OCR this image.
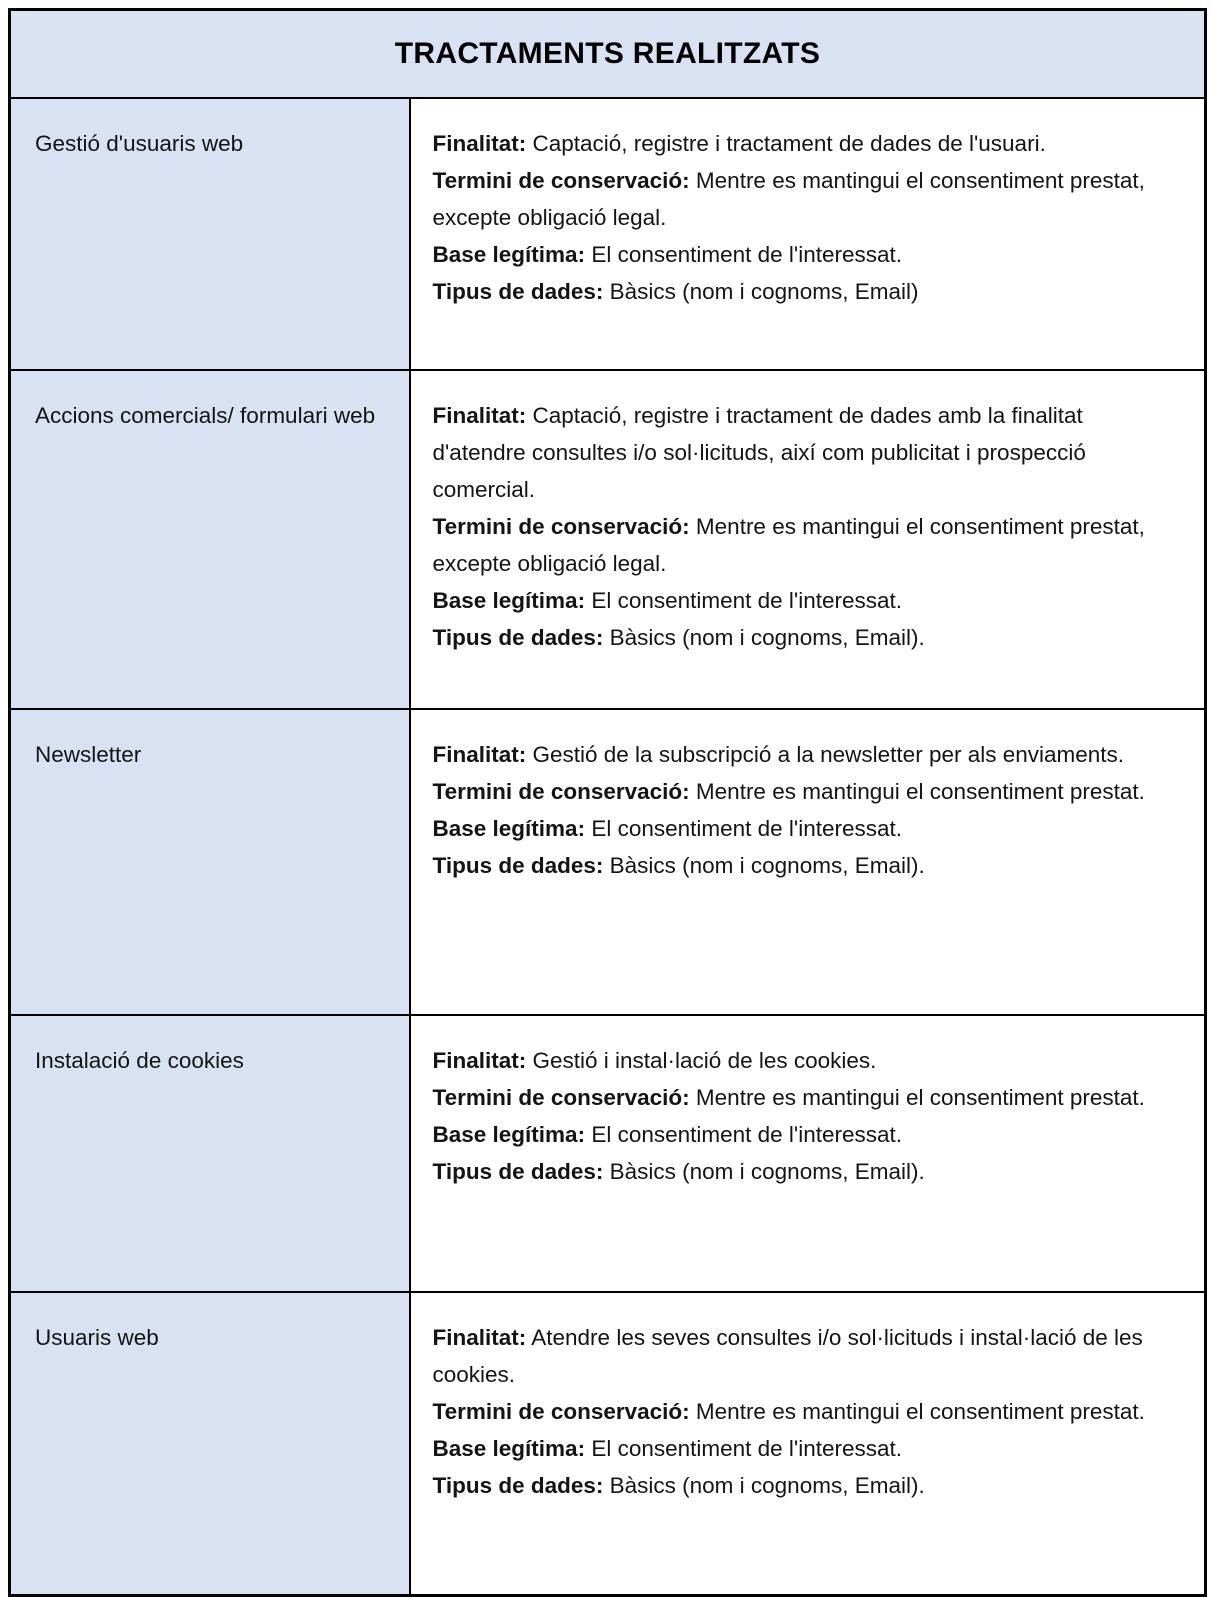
TRACTAMENTS REALITZATS	
Gestió d'usuaris web	Finalitat: Captació, registre i tractament de dades de l'usuari.

Termini de conservació: Mentre es mantingui el consentiment prestat, excepte obligació legal.

Base legítima: El consentiment de l'interessat.

Tipus de dades: Bàsics (nom i cognoms, Email)

Accions comercials/ formulari web	Finalitat: Captació, registre i tractament de dades amb la finalitat d'atendre consultes i/o sol·licituds, així com publicitat i prospecció comercial.

Termini de conservació: Mentre es mantingui el consentiment prestat, excepte obligació legal.

Base legítima: El consentiment de l'interessat.

Tipus de dades: Bàsics (nom i cognoms, Email).

Newsletter	Finalitat: Gestió de la subscripció a la newsletter per als enviaments.

Termini de conservació: Mentre es mantingui el consentiment prestat.

Base legítima: El consentiment de l'interessat.

Tipus de dades: Bàsics (nom i cognoms, Email).

Instalació de cookies	Finalitat: Gestió i instal·lació de les cookies.

Termini de conservació: Mentre es mantingui el consentiment prestat.

Base legítima: El consentiment de l'interessat.

Tipus de dades: Bàsics (nom i cognoms, Email).

Usuaris web	Finalitat: Atendre les seves consultes i/o sol·licituds i instal·lació de les cookies.

Termini de conservació: Mentre es mantingui el consentiment prestat.

Base legítima: El consentiment de l'interessat.

Tipus de dades: Bàsics (nom i cognoms, Email).
